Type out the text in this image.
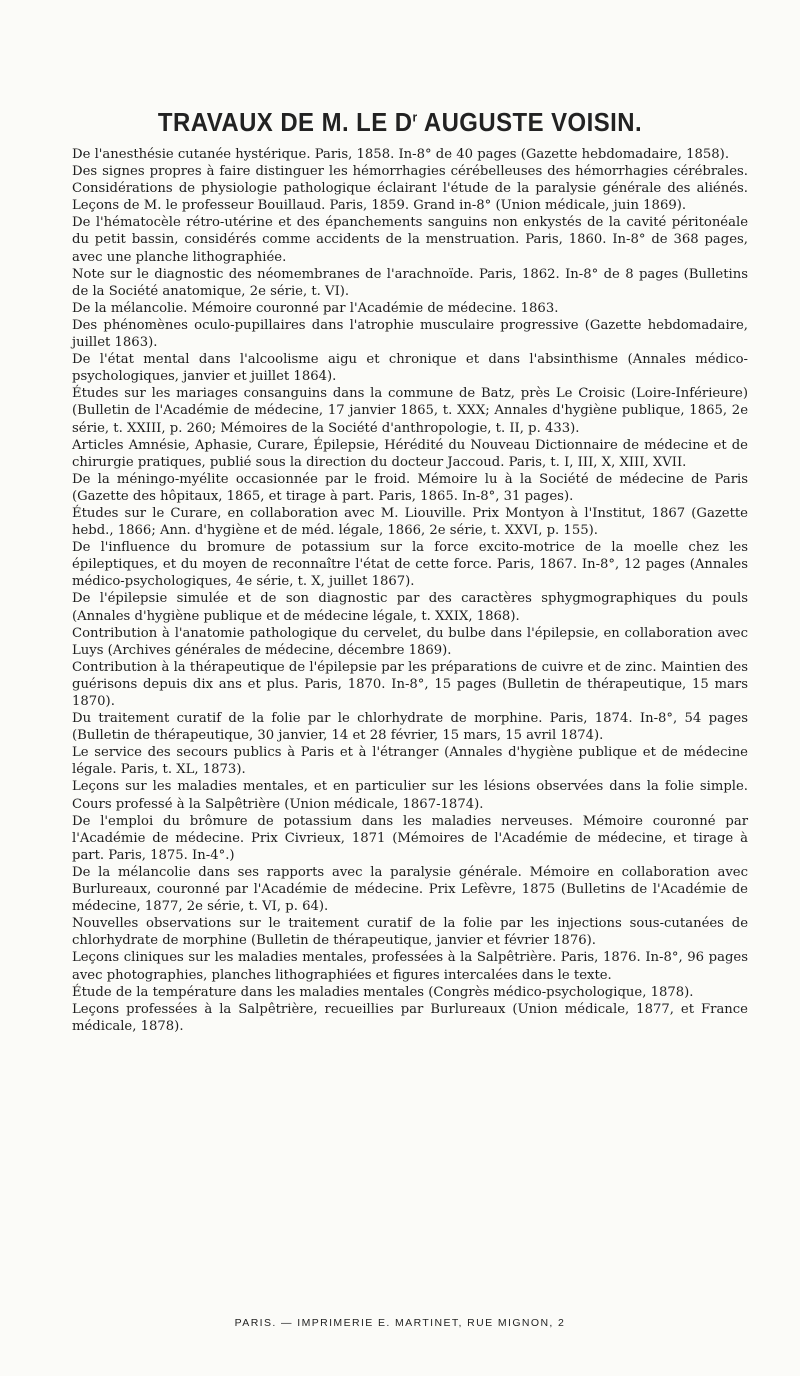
TRAVAUX DE M. LE $D^r$ AUGUSTE VOISIN.

De l'anesthésie cutanée hystérique. Paris, 1858. In-8° de 40 pages (Gazette hebdomadaire, 1858).

Des signes propres à faire distinguer les hémorrhagies cérébelleuses des hémorrhagies cérébrales. Considérations de physiologie pathologique éclairant l'étude de la paralysie générale des aliénés. Leçons de M. le professeur Bouillaud. Paris, 1859. Grand in-8° (Union médicale, juin 1869).

De l'hématocèle rétro-utérine et des épanchements sanguins non enkystés de la cavité péritonéale du petit bassin, considérés comme accidents de la menstruation. Paris, 1860. In-8° de 368 pages, avec une planche lithographiée.

Note sur le diagnostic des néomembranes de l'arachnoïde. Paris, 1862. In-8° de 8 pages (Bulletins de la Société anatomique, 2e série, t. VI).

De la mélancolie. Mémoire couronné par l'Académie de médecine. 1863.

Des phénomènes oculo-pupillaires dans l'atrophie musculaire progressive (Gazette hebdomadaire, juillet 1863).

De l'état mental dans l'alcoolisme aigu et chronique et dans l'absinthisme (Annales médico-psychologiques, janvier et juillet 1864).

Études sur les mariages consanguins dans la commune de Batz, près Le Croisic (Loire-Inférieure) (Bulletin de l'Académie de médecine, 17 janvier 1865, t. XXX; Annales d'hygiène publique, 1865, 2e série, t. XXIII, p. 260; Mémoires de la Société d'anthropologie, t. II, p. 433).

Articles Amnésie, Aphasie, Curare, Épilepsie, Hérédité du Nouveau Dictionnaire de médecine et de chirurgie pratiques, publié sous la direction du docteur Jaccoud. Paris, t. I, III, X, XIII, XVII.

De la méningo-myélite occasionnée par le froid. Mémoire lu à la Société de médecine de Paris (Gazette des hôpitaux, 1865, et tirage à part. Paris, 1865. In-8°, 31 pages).

Études sur le Curare, en collaboration avec M. Liouville. Prix Montyon à l'Institut, 1867 (Gazette hebd., 1866; Ann. d'hygiène et de méd. légale, 1866, 2e série, t. XXVI, p. 155).

De l'influence du bromure de potassium sur la force excito-motrice de la moelle chez les épileptiques, et du moyen de reconnaître l'état de cette force. Paris, 1867. In-8°, 12 pages (Annales médico-psychologiques, 4e série, t. X, juillet 1867).

De l'épilepsie simulée et de son diagnostic par des caractères sphygmographiques du pouls (Annales d'hygiène publique et de médecine légale, t. XXIX, 1868).

Contribution à l'anatomie pathologique du cervelet, du bulbe dans l'épilepsie, en collaboration avec Luys (Archives générales de médecine, décembre 1869).

Contribution à la thérapeutique de l'épilepsie par les préparations de cuivre et de zinc. Maintien des guérisons depuis dix ans et plus. Paris, 1870. In-8°, 15 pages (Bulletin de thérapeutique, 15 mars 1870).

Du traitement curatif de la folie par le chlorhydrate de morphine. Paris, 1874. In-8°, 54 pages (Bulletin de thérapeutique, 30 janvier, 14 et 28 février, 15 mars, 15 avril 1874).

Le service des secours publics à Paris et à l'étranger (Annales d'hygiène publique et de médecine légale. Paris, t. XL, 1873).

Leçons sur les maladies mentales, et en particulier sur les lésions observées dans la folie simple. Cours professé à la Salpêtrière (Union médicale, 1867-1874).

De l'emploi du brômure de potassium dans les maladies nerveuses. Mémoire couronné par l'Académie de médecine. Prix Civrieux, 1871 (Mémoires de l'Académie de médecine, et tirage à part. Paris, 1875. In-4°.)

De la mélancolie dans ses rapports avec la paralysie générale. Mémoire en collaboration avec Burlureaux, couronné par l'Académie de médecine. Prix Lefèvre, 1875 (Bulletins de l'Académie de médecine, 1877, 2e série, t. VI, p. 64).

Nouvelles observations sur le traitement curatif de la folie par les injections sous-cutanées de chlorhydrate de morphine (Bulletin de thérapeutique, janvier et février 1876).

Leçons cliniques sur les maladies mentales, professées à la Salpêtrière. Paris, 1876. In-8°, 96 pages avec photographies, planches lithographiées et figures intercalées dans le texte.

Étude de la température dans les maladies mentales (Congrès médico-psychologique, 1878).

Leçons professées à la Salpêtrière, recueillies par Burlureaux (Union médicale, 1877, et France médicale, 1878).

PARIS. — IMPRIMERIE E. MARTINET, RUE MIGNON, 2
